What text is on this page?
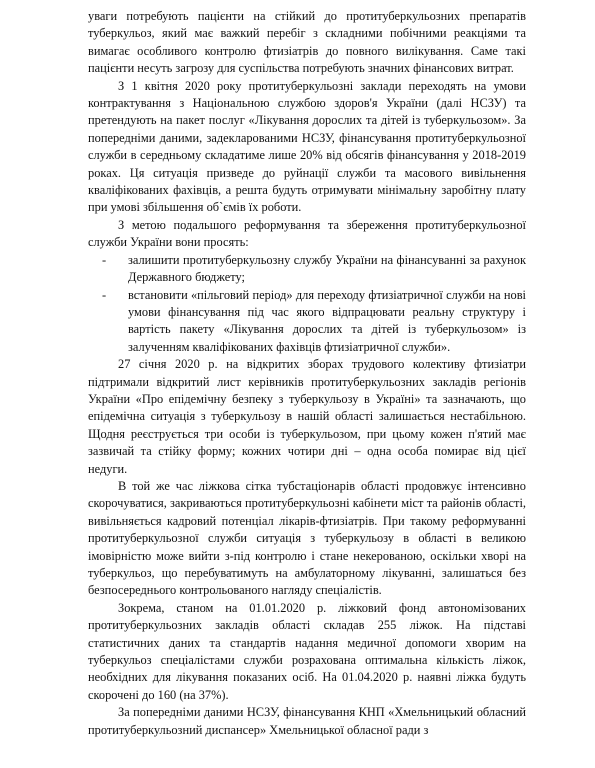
уваги потребують пацієнти на стійкий до протитуберкульозних препаратів туберкульоз, який має важкий перебіг з складними побічними реакціями та вимагає особливого контролю фтизіатрів до повного вилікування. Саме такі пацієнти несуть загрозу для суспільства потребують значних фінансових витрат.

З 1 квітня 2020 року протитуберкульозні заклади переходять на умови контрактування з Національною службою здоров'я України (далі НСЗУ) та претендують на пакет послуг «Лікування дорослих та дітей із туберкульозом». За попередніми даними, задекларованими НСЗУ, фінансування протитуберкульозної служби в середньому складатиме лише 20% від обсягів фінансування у 2018-2019 роках. Ця ситуація призведе до руйнації служби та масового вивільнення кваліфікованих фахівців, а решта будуть отримувати мінімальну заробітну плату при умові збільшення об`ємів їх роботи.

З метою подальшого реформування та збереження протитуберкульозної служби України вони просять:

- залишити протитуберкульозну службу України на фінансуванні за рахунок Державного бюджету;
- встановити «пільговий період» для переходу фтизіатричної служби на нові умови фінансування під час якого відпрацювати реальну структуру і вартість пакету «Лікування дорослих та дітей із туберкульозом» із залученням кваліфікованих фахівців фтизіатричної служби».

27 січня 2020 р. на відкритих зборах трудового колективу фтизіатри підтримали відкритий лист керівників протитуберкульозних закладів регіонів України «Про епідемічну безпеку з туберкульозу в Україні» та зазначають, що епідемічна ситуація з туберкульозу в нашій області залишається нестабільною. Щодня реєструється три особи із туберкульозом, при цьому кожен п'ятий має зазвичай та стійку форму; кожних чотири дні – одна особа помирає від цієї недуги.

В той же час ліжкова сітка тубстаціонарів області продовжує інтенсивно скорочуватися, закриваються протитуберкульозні кабінети міст та районів області, вивільняється кадровий потенціал лікарів-фтизіатрів. При такому реформуванні протитуберкульозної служби ситуація з туберкульозу в області в великою імовірністю може вийти з-під контролю і стане некерованою, оскільки хворі на туберкульоз, що перебуватимуть на амбулаторному лікуванні, залишаться без безпосереднього контрольованого нагляду спеціалістів.

Зокрема, станом на 01.01.2020 р. ліжковий фонд автономізованих протитуберкульозних закладів області складав 255 ліжок. На підставі статистичних даних та стандартів надання медичної допомоги хворим на туберкульоз спеціалістами служби розрахована оптимальна кількість ліжок, необхідних для лікування показаних осіб. На 01.04.2020 р. наявні ліжка будуть скорочені до 160 (на 37%).

За попередніми даними НСЗУ, фінансування КНП «Хмельницький обласний протитуберкульозний диспансер» Хмельницької обласної ради з
